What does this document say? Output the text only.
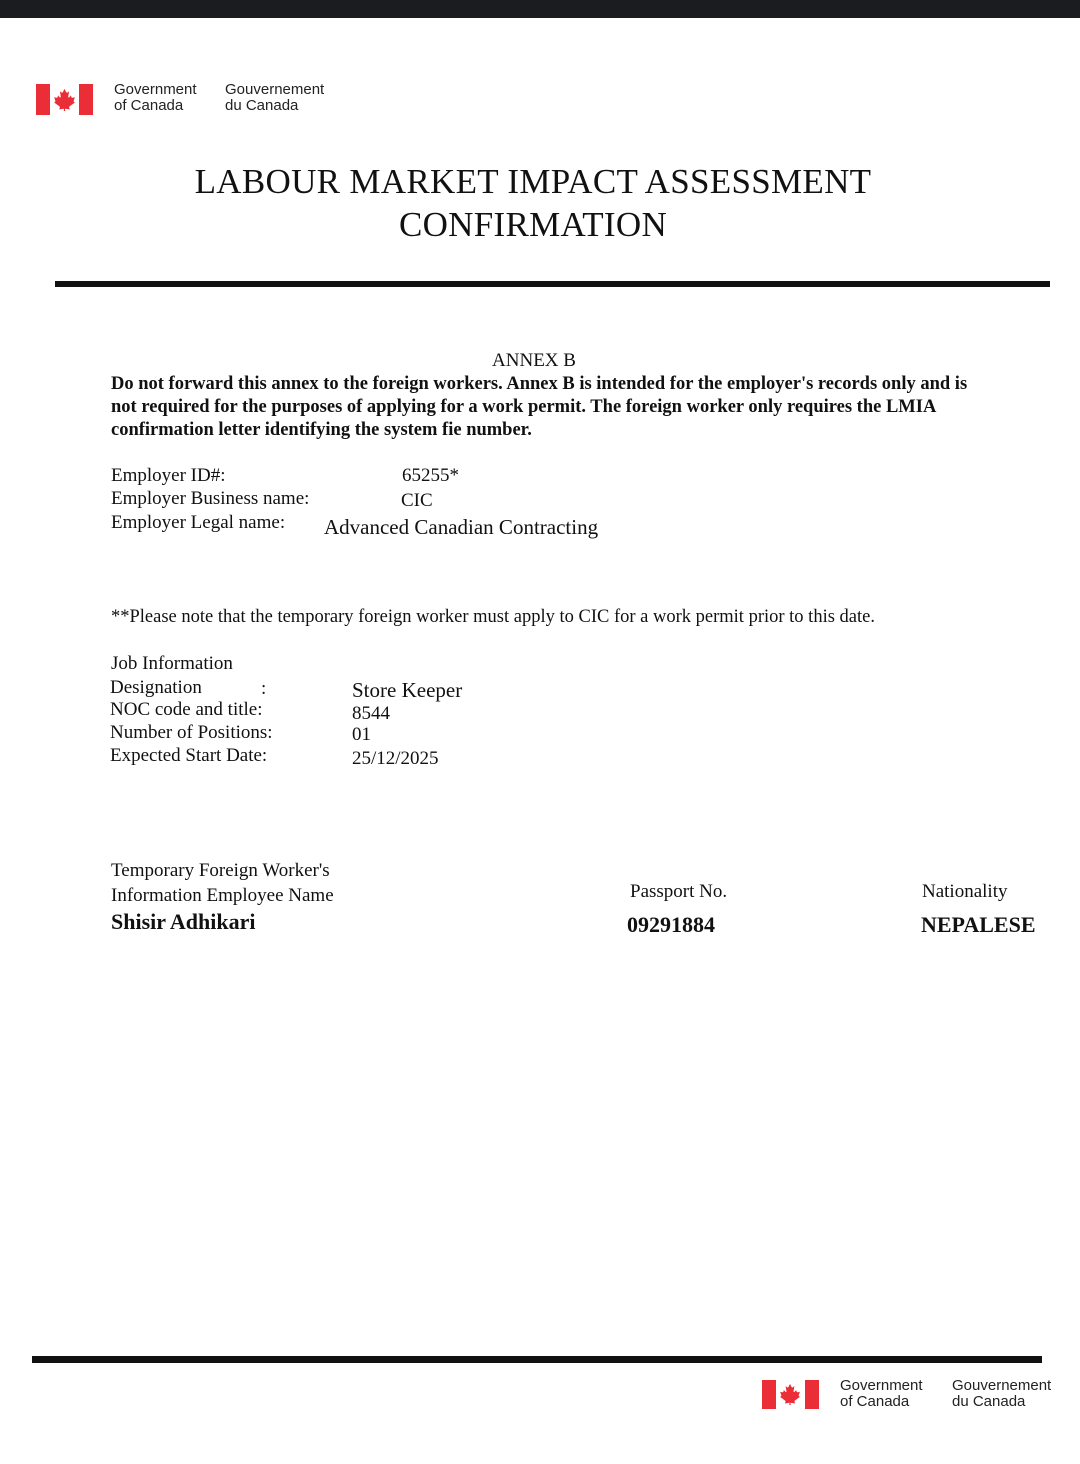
Government
of Canada
Gouvernement
du Canada
LABOUR MARKET IMPACT ASSESSMENT
CONFIRMATION
ANNEX B
Do not forward this annex to the foreign workers. Annex B is intended for the employer's records only and is not required for the purposes of applying for a work permit. The foreign worker only requires the LMIA confirmation letter identifying the system fie number.
Employer ID#:	65255*
Employer Business name:	CIC
Employer Legal name: Advanced Canadian Contracting
**Please note that the temporary foreign worker must apply to CIC for a work permit prior to this date.
Job Information
Designation	:	Store Keeper
NOC code and title:	8544
Number of Positions:	01
Expected Start Date:	25/12/2025
Temporary Foreign Worker's
Information Employee Name
Shisir Adhikari
Passport No.
09291884
Nationality
NEPALESE
Government
of Canada
Gouvernement
du Canada
